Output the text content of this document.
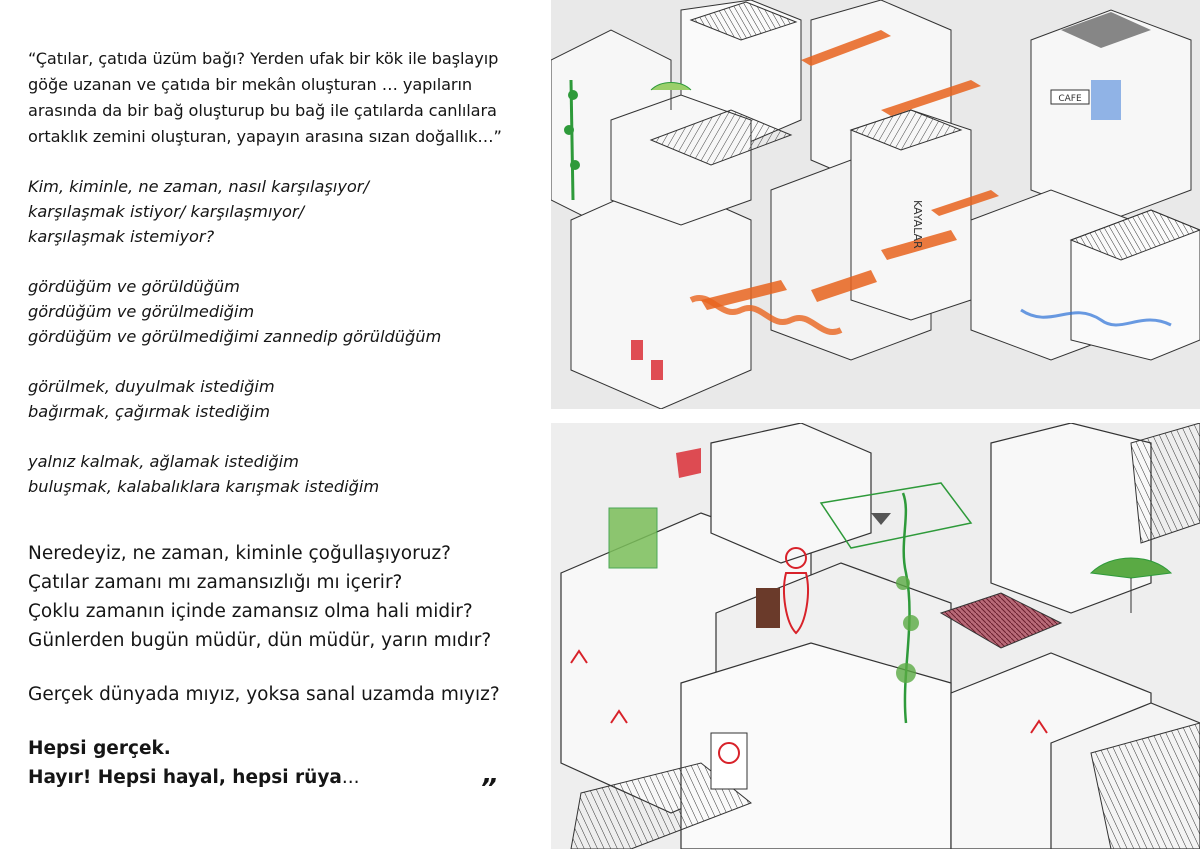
“Çatılar, çatıda üzüm bağı? Yerden ufak bir kök ile başlayıp
göğe uzanan ve çatıda bir mekân oluşturan … yapıların
arasında da bir bağ oluşturup bu bağ ile çatılarda canlılara
ortaklık zemini oluşturan, yapayın arasına sızan doğallık…”

Kim, kiminle, ne zaman, nasıl karşılaşıyor/
karşılaşmak istiyor/ karşılaşmıyor/
karşılaşmak istemiyor?

gördüğüm ve görüldüğüm
gördüğüm ve görülmediğim
gördüğüm ve görülmediğimi zannedip görüldüğüm

görülmek, duyulmak istediğim
bağırmak, çağırmak istediğim

yalnız kalmak, ağlamak istediğim
buluşmak, kalabalıklara karışmak istediğim

Neredeyiz, ne zaman, kiminle çoğullaşıyoruz?
Çatılar zamanı mı zamansızlığı mı içerir?
Çoklu zamanın içinde zamansız olma hali midir?
Günlerden bugün müdür, dün müdür, yarın mıdır?

Gerçek dünyada mıyız, yoksa sanal uzamda mıyız?

Hepsi gerçek.
Hayır! Hepsi hayal, hepsi rüya...	”
CAFE
KAYALAR
